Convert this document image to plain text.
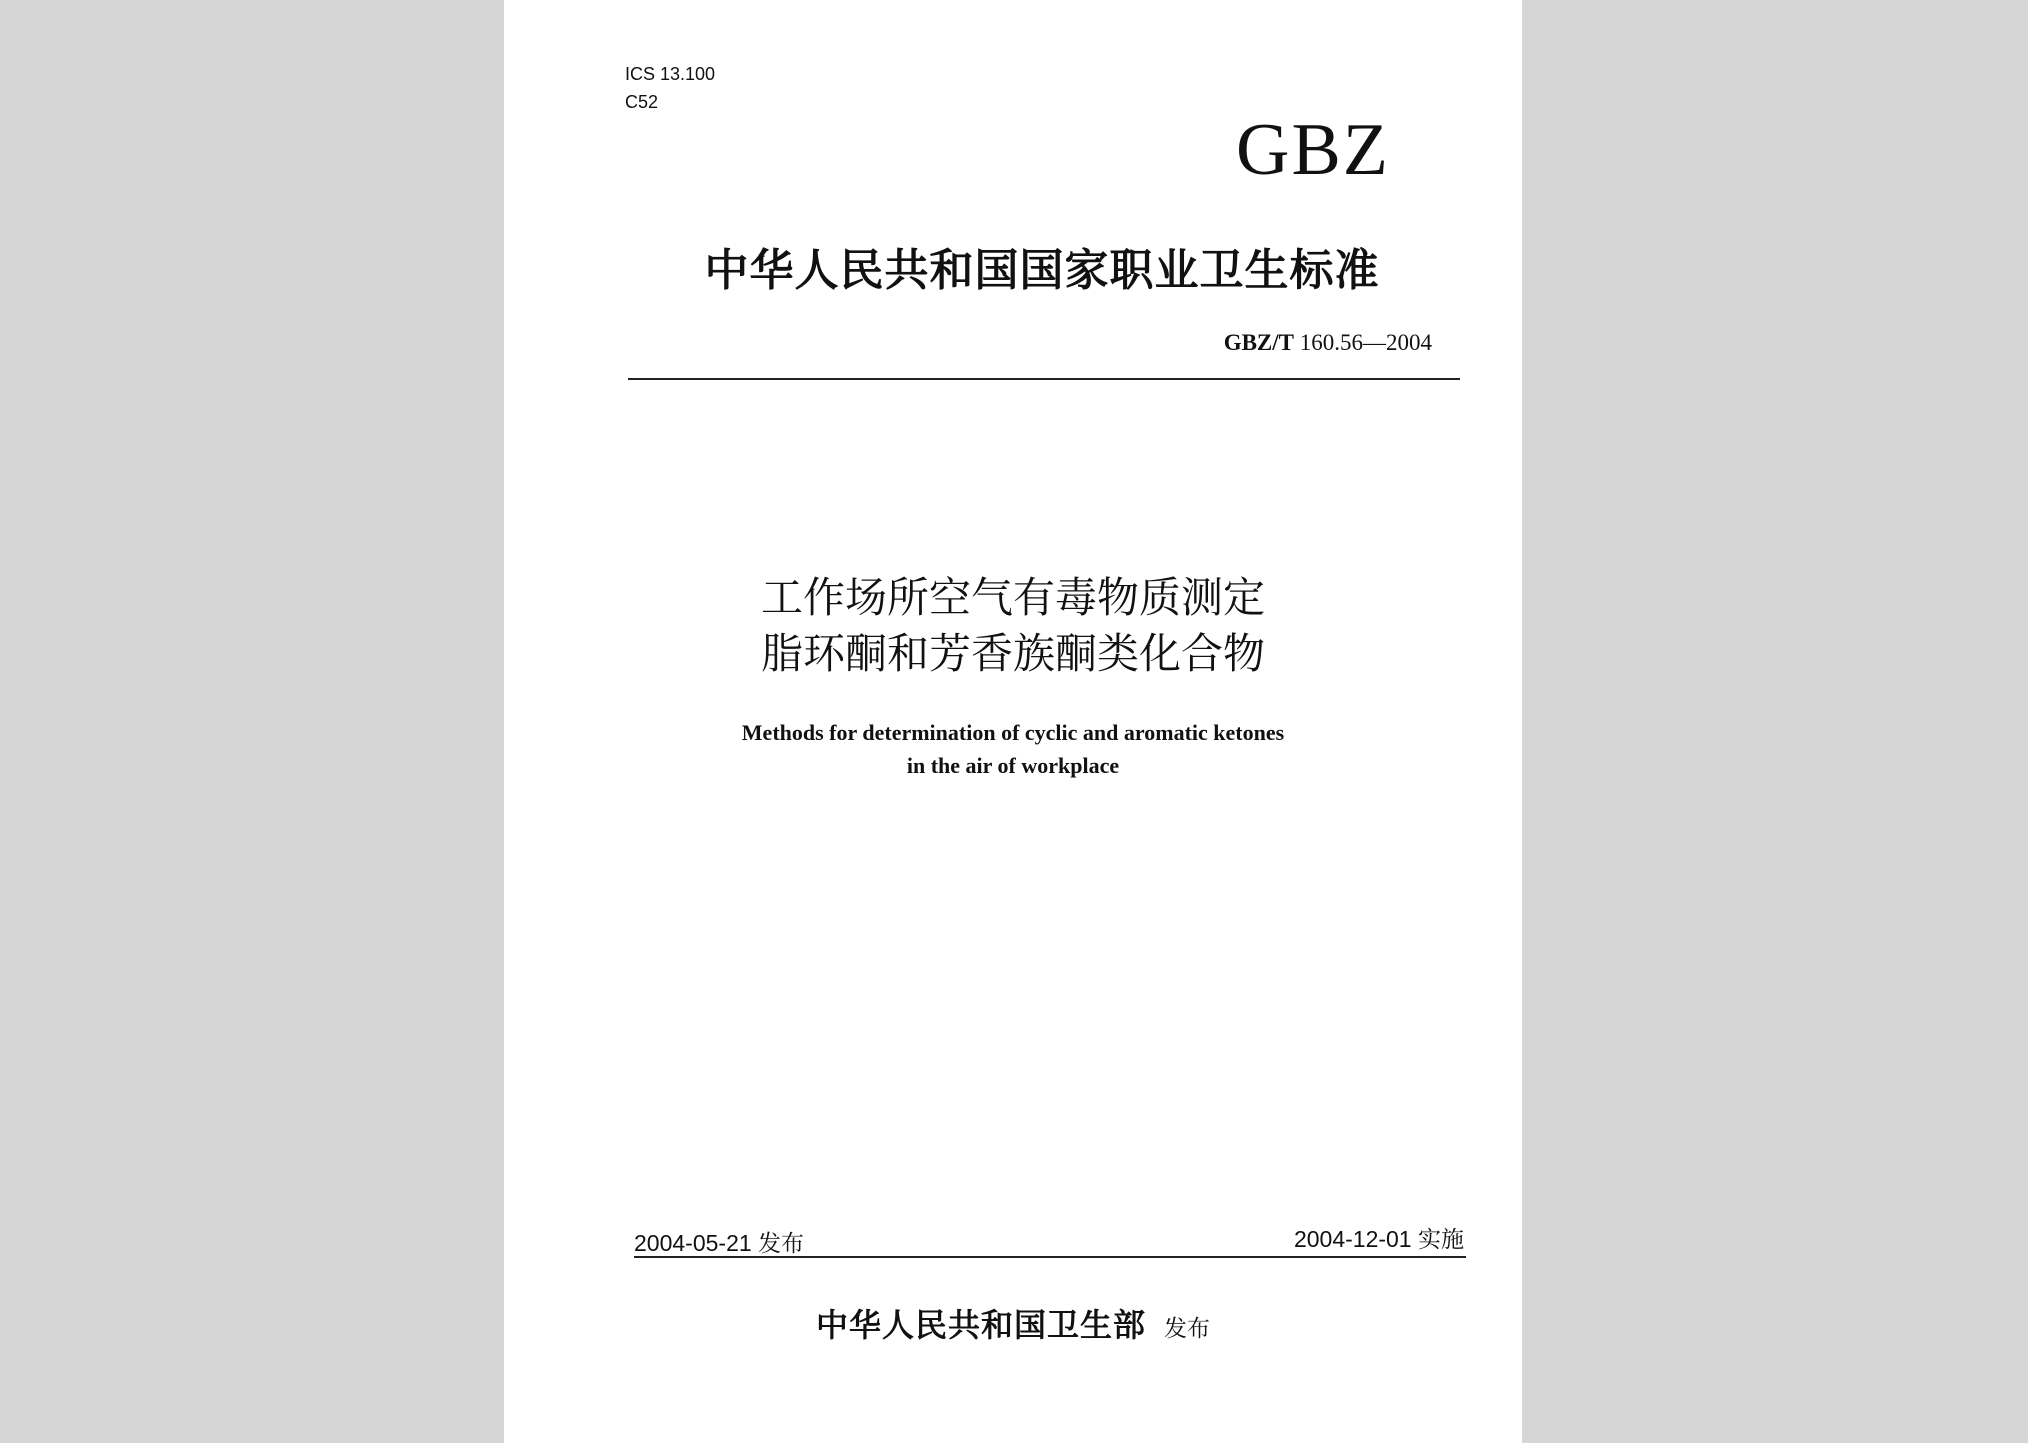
ICS 13.100
C52
GBZ
中华人民共和国国家职业卫生标准
GBZ/T 160.56—2004
工作场所空气有毒物质测定
脂环酮和芳香族酮类化合物
Methods for determination of cyclic and aromatic ketones
in the air of workplace
2004-05-21 发布	2004-12-01 实施
中华人民共和国卫生部 发布
